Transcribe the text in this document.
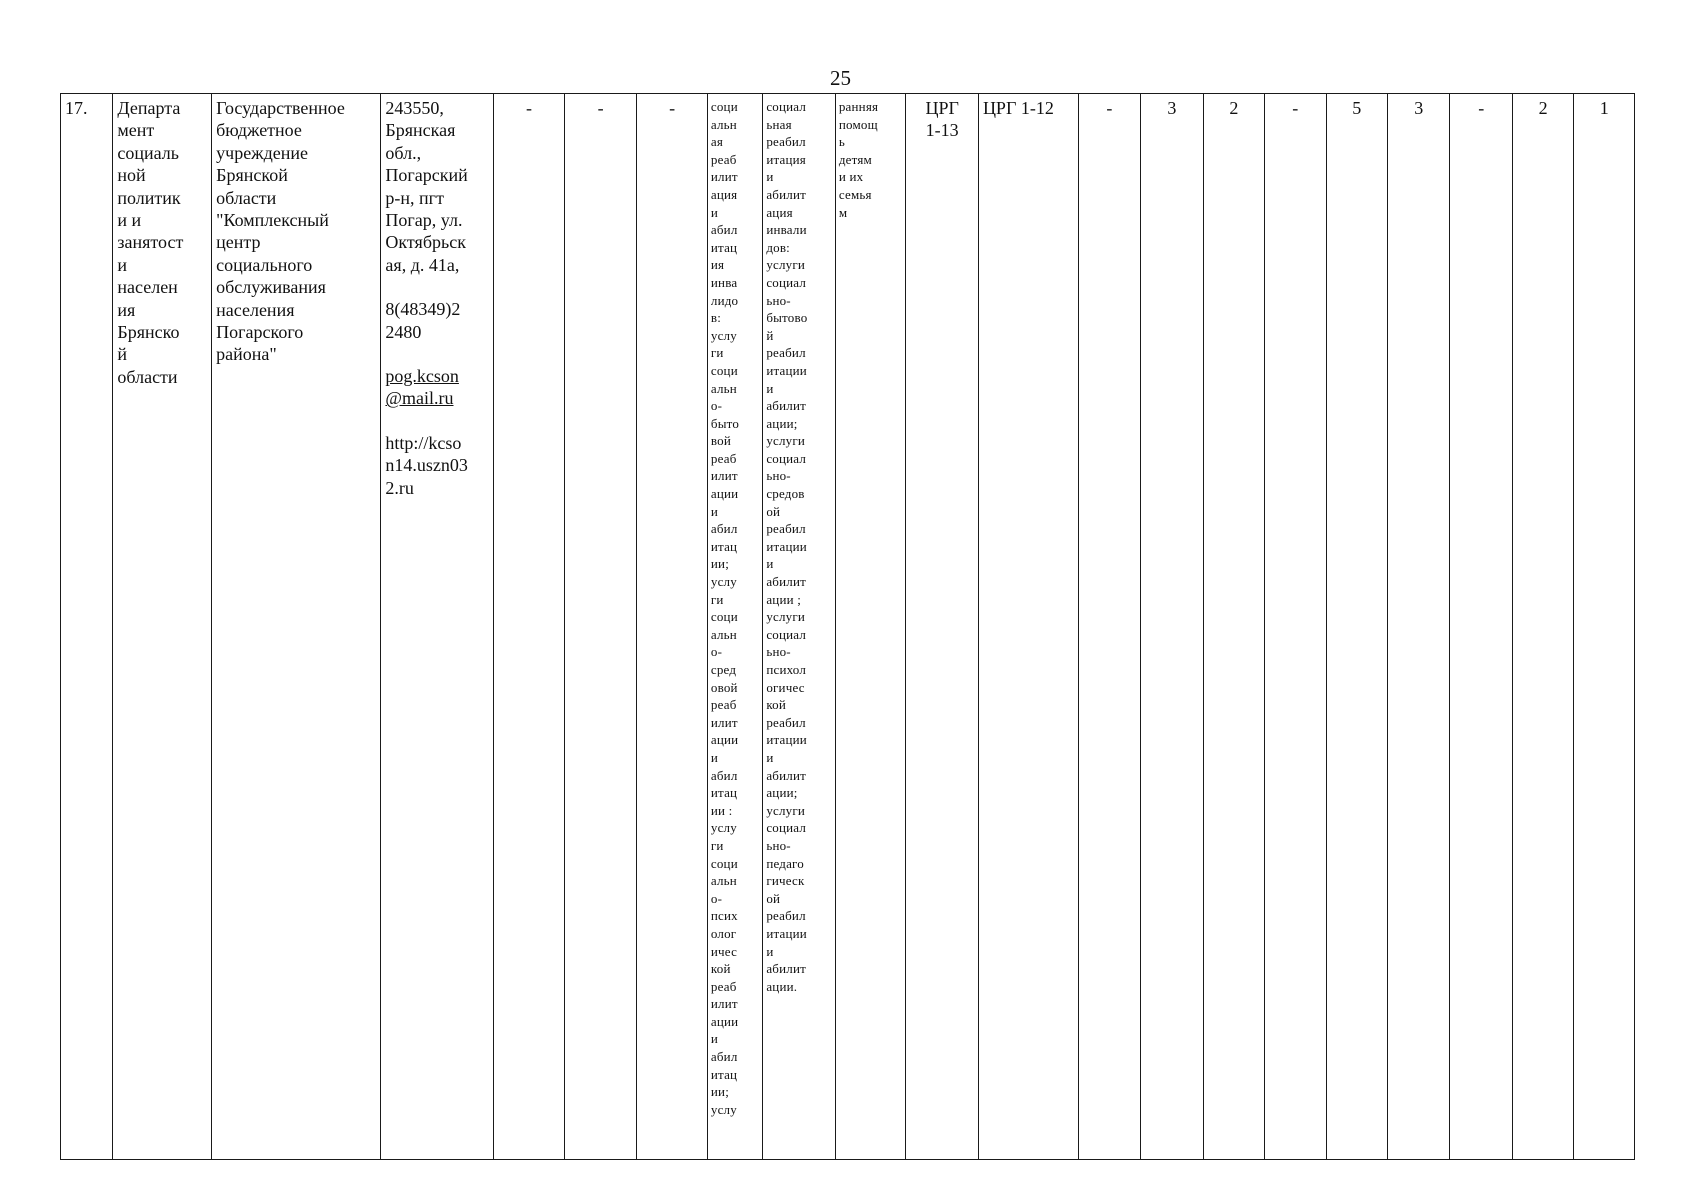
25
17.	Департа
мент
социаль
ной
политик
и и
занятост
и
населен
ия
Брянско
й
области	Государственное
бюджетное
учреждение
Брянской
области
"Комплексный
центр
социального
обслуживания
населения
Погарского
района"	
243550,
Брянская
обл.,
Погарский
р-н, пгт
Погар, ул.
Октябрьск
ая, д. 41а,
8(48349)2
2480
pog.kcson
@mail.ru
http://kcso
n14.uszn03
2.ru
	-	-	-	соци
альн
ая
реаб
илит
ация
и
абил
итац
ия
инва
лидо
в:
услу
ги
соци
альн
о-
быто
вой
реаб
илит
ации
и
абил
итац
ии;
услу
ги
соци
альн
о-
сред
овой
реаб
илит
ации
и
абил
итац
ии :
услу
ги
соци
альн
о-
псих
олог
ичес
кой
реаб
илит
ации
и
абил
итац
ии;
услу	социал
ьная
реабил
итация
и
абилит
ация
инвали
дов:
услуги
социал
ьно-
бытово
й
реабил
итации
и
абилит
ации;
услуги
социал
ьно-
средов
ой
реабил
итации
и
абилит
ации ;
услуги
социал
ьно-
психол
огичес
кой
реабил
итации
и
абилит
ации;
услуги
социал
ьно-
педаго
гическ
ой
реабил
итации
и
абилит
ации.	ранняя
помощ
ь
детям
и их
семья
м	ЦРГ
1-13	ЦРГ 1-12	-	3	2	-	5	3	-	2	1
